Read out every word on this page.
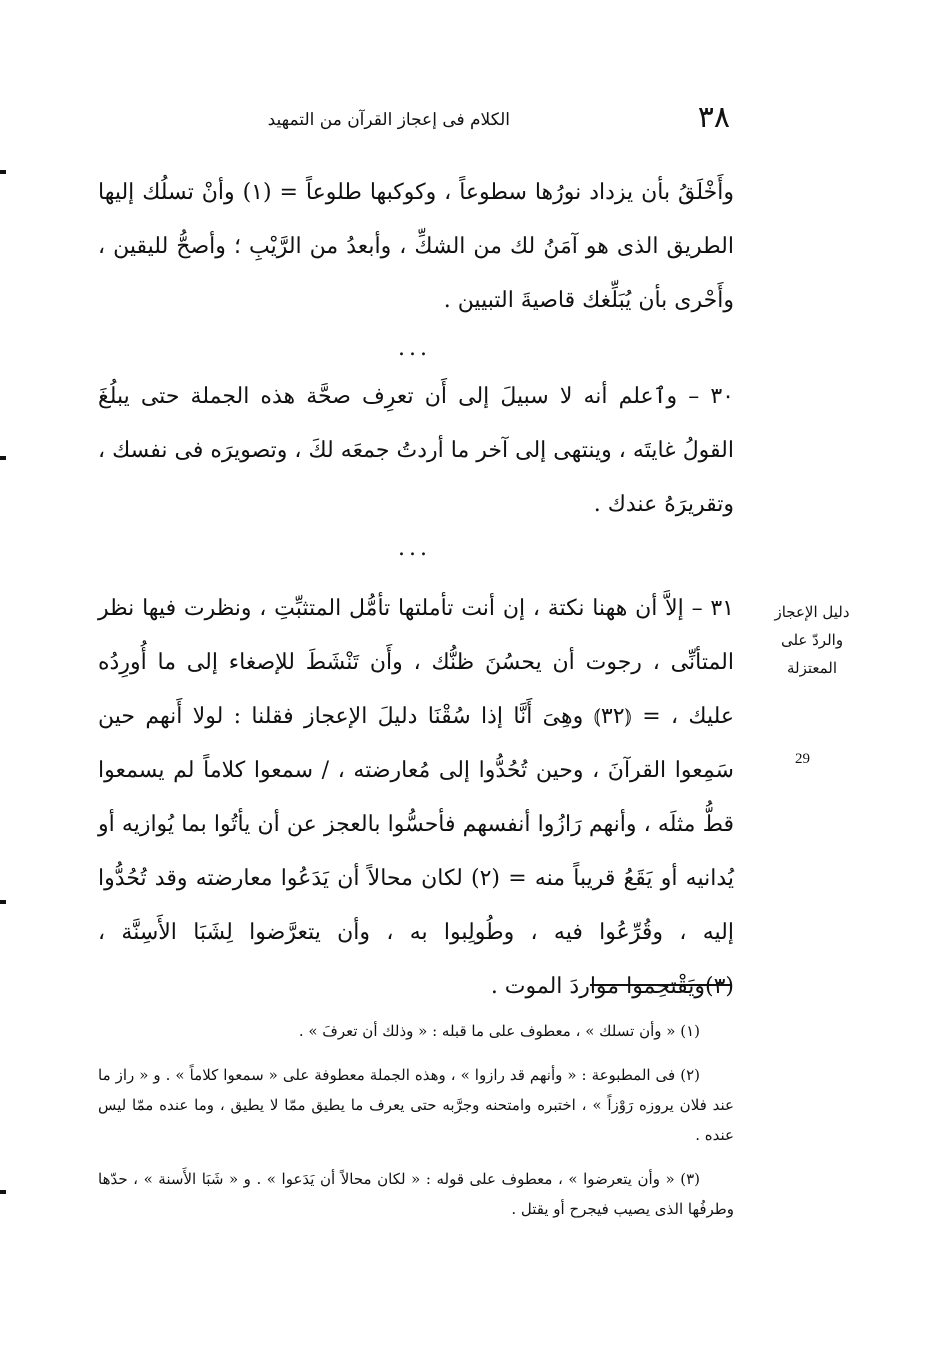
٣٨
الكلام فى إعجاز القرآن من التمهيد
وأَخْلَقُ بأن يزداد نورُها سطوعاً ، وكوكبها طلوعاً = (١) وأنْ تسلُك إليها الطريق الذى هو آمَنُ لك من الشكِّ ، وأبعدُ من الرَّيْبِ ؛ وأصحُّ لليقين ، وأَحْرى بأن يُبَلِّغك قاصيةَ التبيين .
...
٣٠ – وٱعلم أنه لا سبيلَ إلى أَن تعرِف صحَّة هذه الجملة حتى يبلُغَ القولُ غايتَه ، وينتهى إلى آخر ما أردتُ جمعَه لكَ ، وتصويرَه فى نفسك ، وتقريرَهُ عندك .
...
٣١ – إلاَّ أن ههنا نكتة ، إن أنت تأملتها تأمُّل المتثبِّتِ ، ونظرت فيها نظر المتأنِّى ، رجوت أن يحسُنَ ظنُّك ، وأَن تَنْشَطَ للإصغاء إلى ما أُورِدُه عليك ، = ⦅٣٢⦆ وهِىَ أَنَّا إذا سُقْنَا دليلَ الإعجاز فقلنا : لولا أَنهم حين سَمِعوا القرآنَ ، وحين تُحُدُّوا إلى مُعارضته ، / سمعوا كلاماً لم يسمعوا قطُّ مثلَه ، وأنهم رَازُوا أنفسهم فأحسُّوا بالعجز عن أن يأتُوا بما يُوازيه أو يُدانيه أو يَقَعُ قريباً منه = (٢) لكان محالاً أن يَدَعُوا معارضته وقد تُحُدُّوا إليه ، وقُرِّعُوا فيه ، وطُولِبوا به ، وأن يتعرَّضوا لِشَبَا الأَسِنَّة ، (٣)ويَقْتحِموا مواردَ الموت .
دليل الإعجاز
والردّ على المعتزلة
29

(١) « وأن تسلك » ، معطوف على ما قبله : « وذلك أن تعرفَ » .

(٢) فى المطبوعة : « وأنهم قد رازوا » ، وهذه الجملة معطوفة على « سمعوا كلاماً » . و « راز ما عند فلان يروزه رَوْزاً » ، اختبره وامتحنه وجرَّبه حتى يعرف ما يطيق ممّا لا يطيق ، وما عنده ممّا ليس عنده .

(٣) « وأن يتعرضوا » ، معطوف على قوله : « لكان محالاً أن يَدَعوا » . و « شَبَا الأَسنة » ، حدّها وطرفُها الذى يصيب فيجرح أو يقتل .
